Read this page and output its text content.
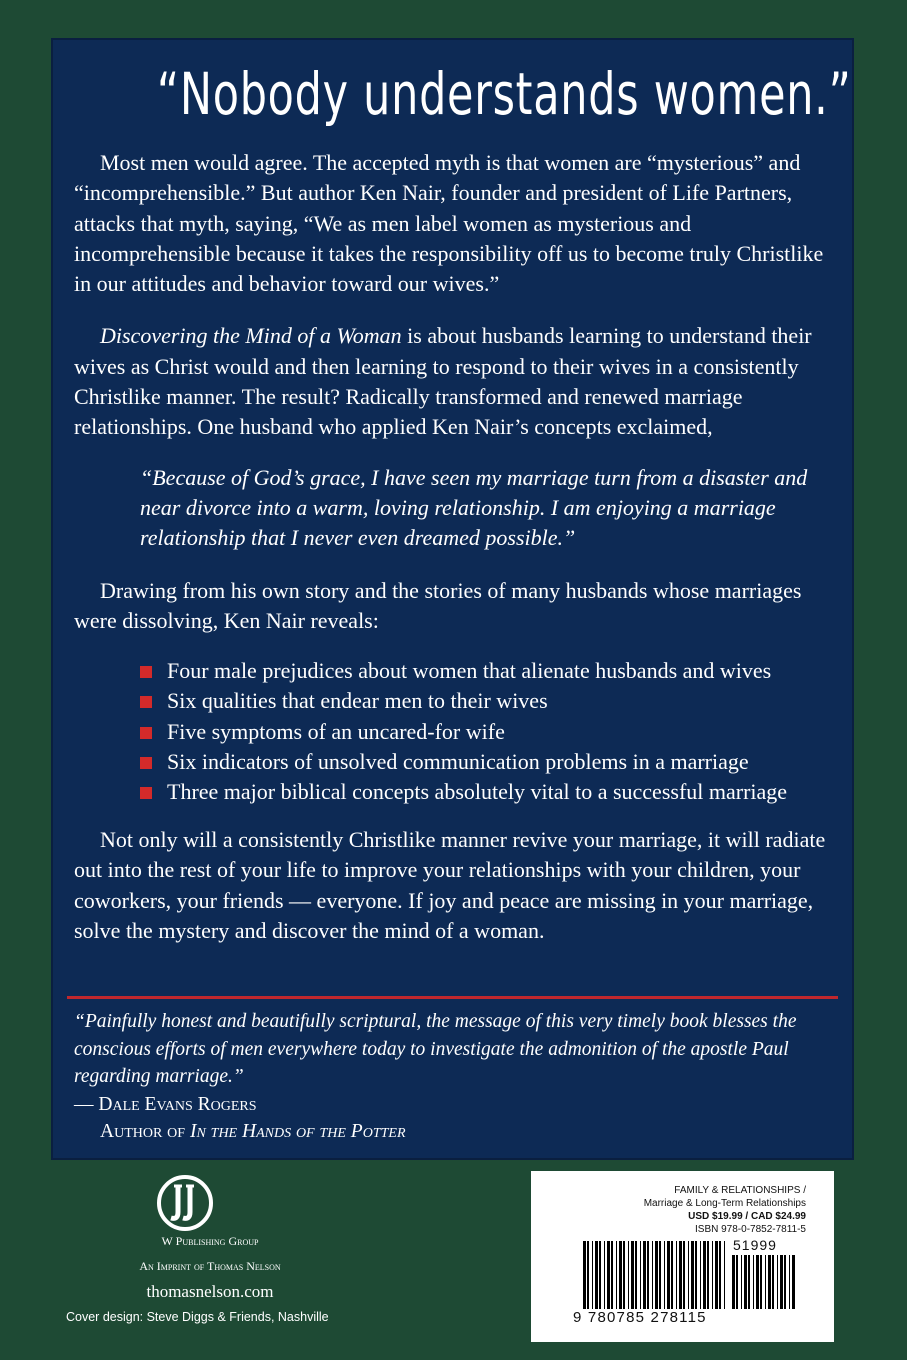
“Nobody understands women.”

Most men would agree. The accepted myth is that women are “mysterious” and “incomprehensible.” But author Ken Nair, founder and president of Life Partners, attacks that myth, saying, “We as men label women as mysterious and incomprehensible because it takes the responsibility off us to become truly Christlike in our attitudes and behavior toward our wives.”

Discovering the Mind of a Woman is about husbands learning to understand their wives as Christ would and then learning to respond to their wives in a consistently Christlike manner. The result? Radically transformed and renewed marriage relationships. One husband who applied Ken Nair’s concepts exclaimed,

“Because of God’s grace, I have seen my marriage turn from a disaster and near divorce into a warm, loving relationship. I am enjoying a marriage relationship that I never even dreamed possible.”

Drawing from his own story and the stories of many husbands whose marriages were dissolving, Ken Nair reveals:

Four male prejudices about women that alienate husbands and wives
Six qualities that endear men to their wives
Five symptoms of an uncared-for wife
Six indicators of unsolved communication problems in a marriage
Three major biblical concepts absolutely vital to a successful marriage

Not only will a consistently Christlike manner revive your marriage, it will radiate out into the rest of your life to improve your relationships with your children, your coworkers, your friends — everyone. If joy and peace are missing in your marriage, solve the mystery and discover the mind of a woman.

“Painfully honest and beautifully scriptural, the message of this very timely book blesses the conscious efforts of men everywhere today to investigate the admonition of the apostle Paul regarding marriage.”
— Dale Evans Rogers
Author of In the Hands of the Potter
W Publishing Group
An Imprint of Thomas Nelson
thomasnelson.com
Cover design: Steve Diggs & Friends, Nashville
FAMILY & RELATIONSHIPS /
Marriage & Long-Term Relationships
USD $19.99 / CAD $24.99
ISBN 978-0-7852-7811-5
51999
9 780785 278115
